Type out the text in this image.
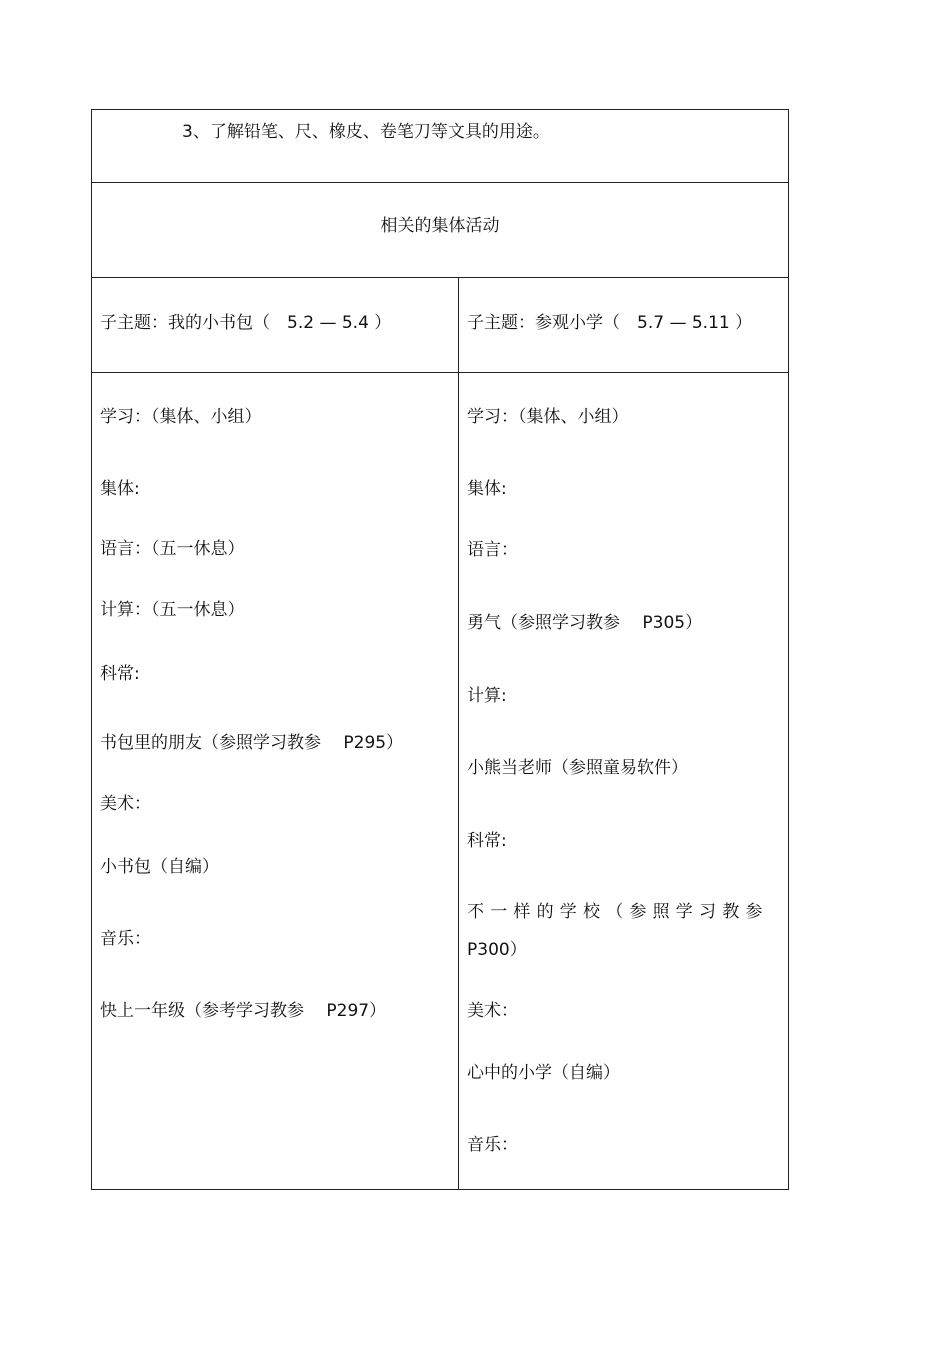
3、了解铅笔、尺、橡皮、卷笔刀等文具的用途。
相关的集体活动
子主题：我的小书包（　5.2 — 5.4 ）	子主题：参观小学（　5.7 — 5.11 ）
学习：（集体、小组）
集体:
语言：（五一休息）
计算：（五一休息）
科常:
书包里的朋友（参照学习教参　 P295）
美术：
小书包（自编）
音乐：
快上一年级（参考学习教参　 P297）
学习：（集体、小组）
集体:
语言：
勇气（参照学习教参　 P305）
计算:
小熊当老师（参照童易软件）
科常:
不一样的学校（参照学习教参
P300）
美术：
心中的小学（自编）
音乐：
